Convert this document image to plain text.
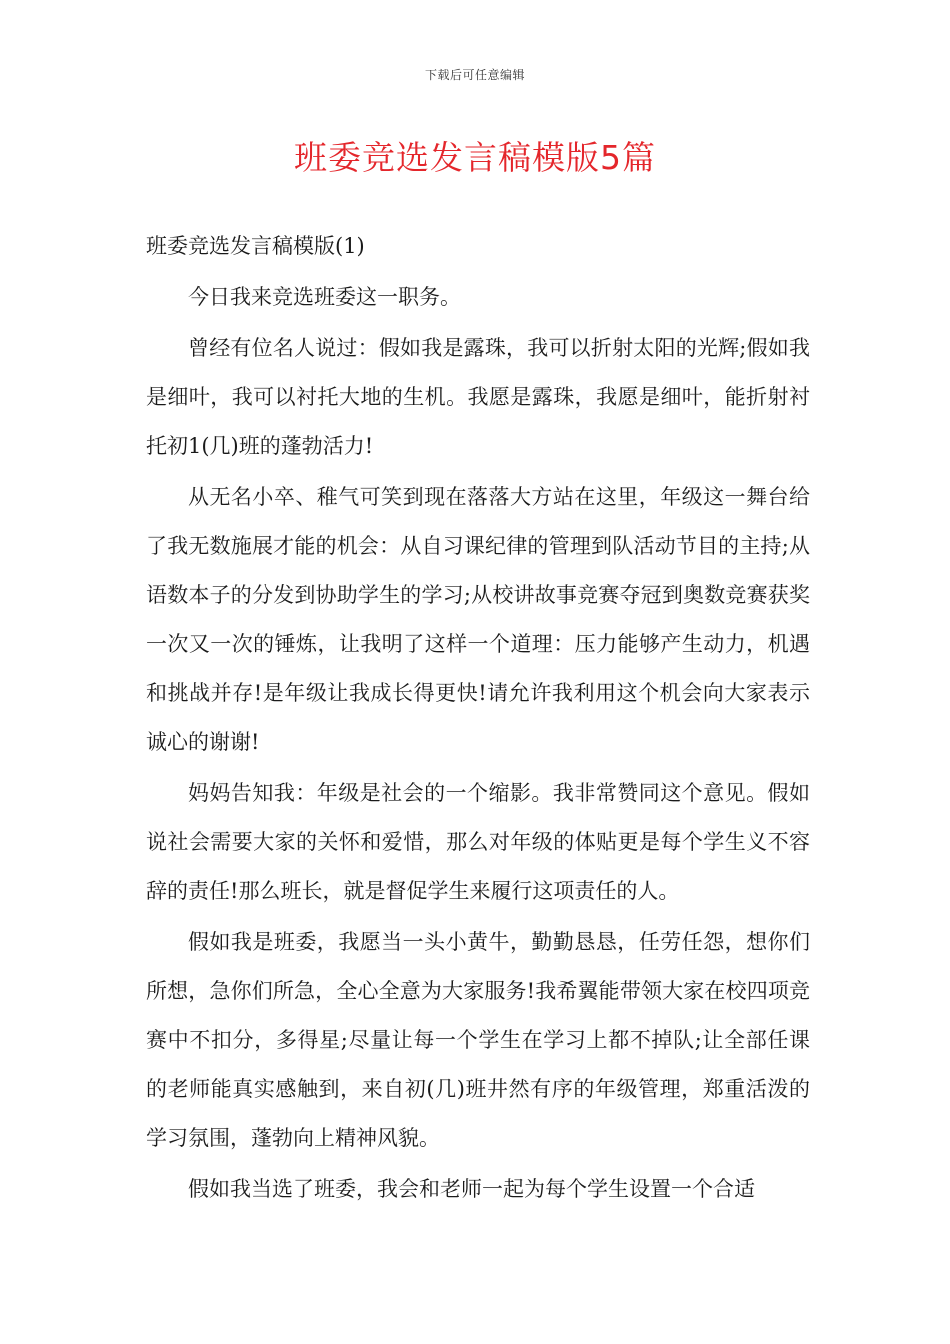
下载后可任意编辑
班委竞选发言稿模版5篇
班委竞选发言稿模版(1)

今日我来竞选班委这一职务。

曾经有位名人说过：假如我是露珠，我可以折射太阳的光辉;假如我是细叶，我可以衬托大地的生机。我愿是露珠，我愿是细叶，能折射衬托初1(几)班的蓬勃活力!

从无名小卒、稚气可笑到现在落落大方站在这里，年级这一舞台给了我无数施展才能的机会：从自习课纪律的管理到队活动节目的主持;从语数本子的分发到协助学生的学习;从校讲故事竞赛夺冠到奥数竞赛获奖一次又一次的锤炼，让我明了这样一个道理：压力能够产生动力，机遇和挑战并存!是年级让我成长得更快!请允许我利用这个机会向大家表示诚心的谢谢!

妈妈告知我：年级是社会的一个缩影。我非常赞同这个意见。假如说社会需要大家的关怀和爱惜，那么对年级的体贴更是每个学生义不容辞的责任!那么班长，就是督促学生来履行这项责任的人。

假如我是班委，我愿当一头小黄牛，勤勤恳恳，任劳任怨，想你们所想，急你们所急，全心全意为大家服务!我希翼能带领大家在校四项竞赛中不扣分，多得星;尽量让每一个学生在学习上都不掉队;让全部任课的老师能真实感触到，来自初(几)班井然有序的年级管理，郑重活泼的学习氛围，蓬勃向上精神风貌。

假如我当选了班委，我会和老师一起为每个学生设置一个合适
